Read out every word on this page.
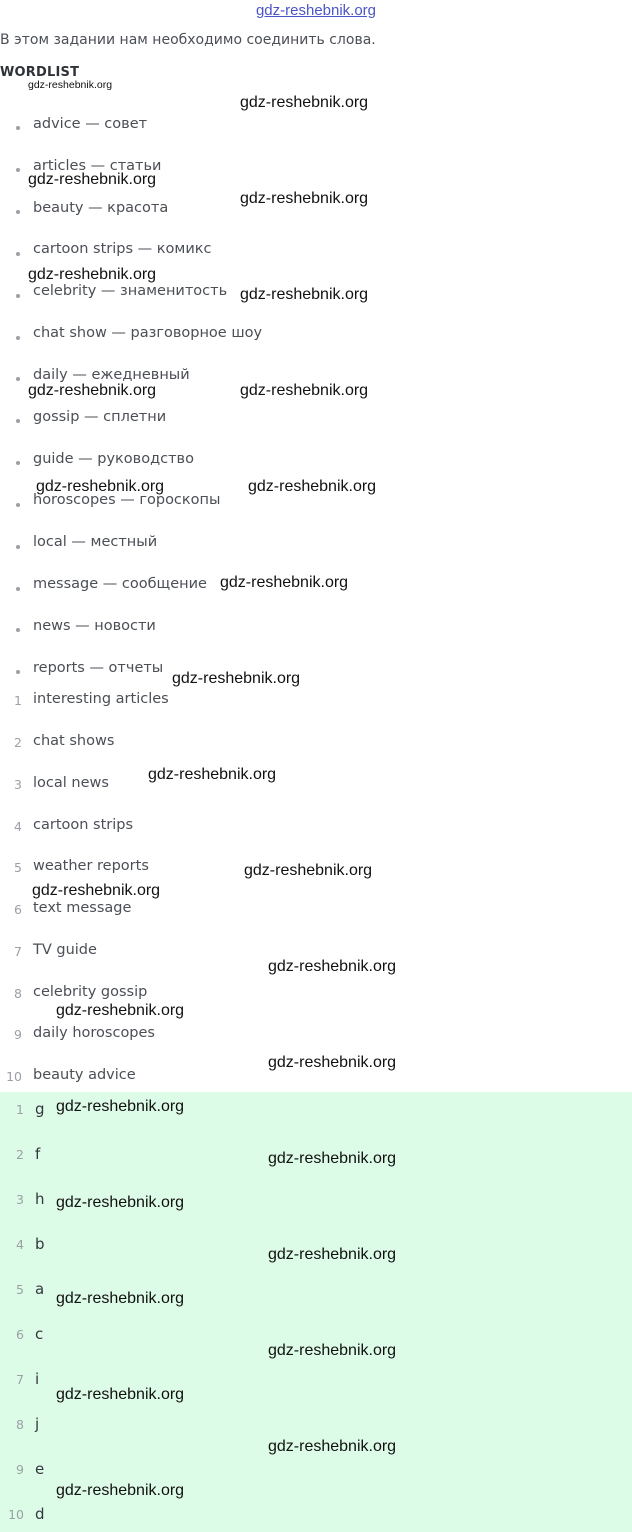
gdz-reshebnik.org
В этом задании нам необходимо соединить слова.
WORDLIST
advice — совет
articles — статьи
beauty — красота
cartoon strips — комикс
celebrity — знаменитость
chat show — разговорное шоу
daily — ежедневный
gossip — сплетни
guide — руководство
horoscopes — гороскопы
local — местный
message — сообщение
news — новости
reports — отчеты
1 interesting articles
2 chat shows
3 local news
4 cartoon strips
5 weather reports
6 text message
7 TV guide
8 celebrity gossip
9 daily horoscopes
10 beauty advice
1 g
2 f
3 h
4 b
5 a
6 c
7 i
8 j
9 e
10 d
gdz-reshebnik.org
gdz-reshebnik.org
gdz-reshebnik.org
gdz-reshebnik.org
gdz-reshebnik.org
gdz-reshebnik.org
gdz-reshebnik.org	gdz-reshebnik.org
gdz-reshebnik.org	gdz-reshebnik.org
gdz-reshebnik.org
gdz-reshebnik.org
gdz-reshebnik.org
gdz-reshebnik.org
gdz-reshebnik.org
gdz-reshebnik.org
gdz-reshebnik.org
gdz-reshebnik.org
gdz-reshebnik.org
gdz-reshebnik.org
gdz-reshebnik.org
gdz-reshebnik.org
gdz-reshebnik.org
gdz-reshebnik.org
gdz-reshebnik.org
gdz-reshebnik.org
gdz-reshebnik.org
